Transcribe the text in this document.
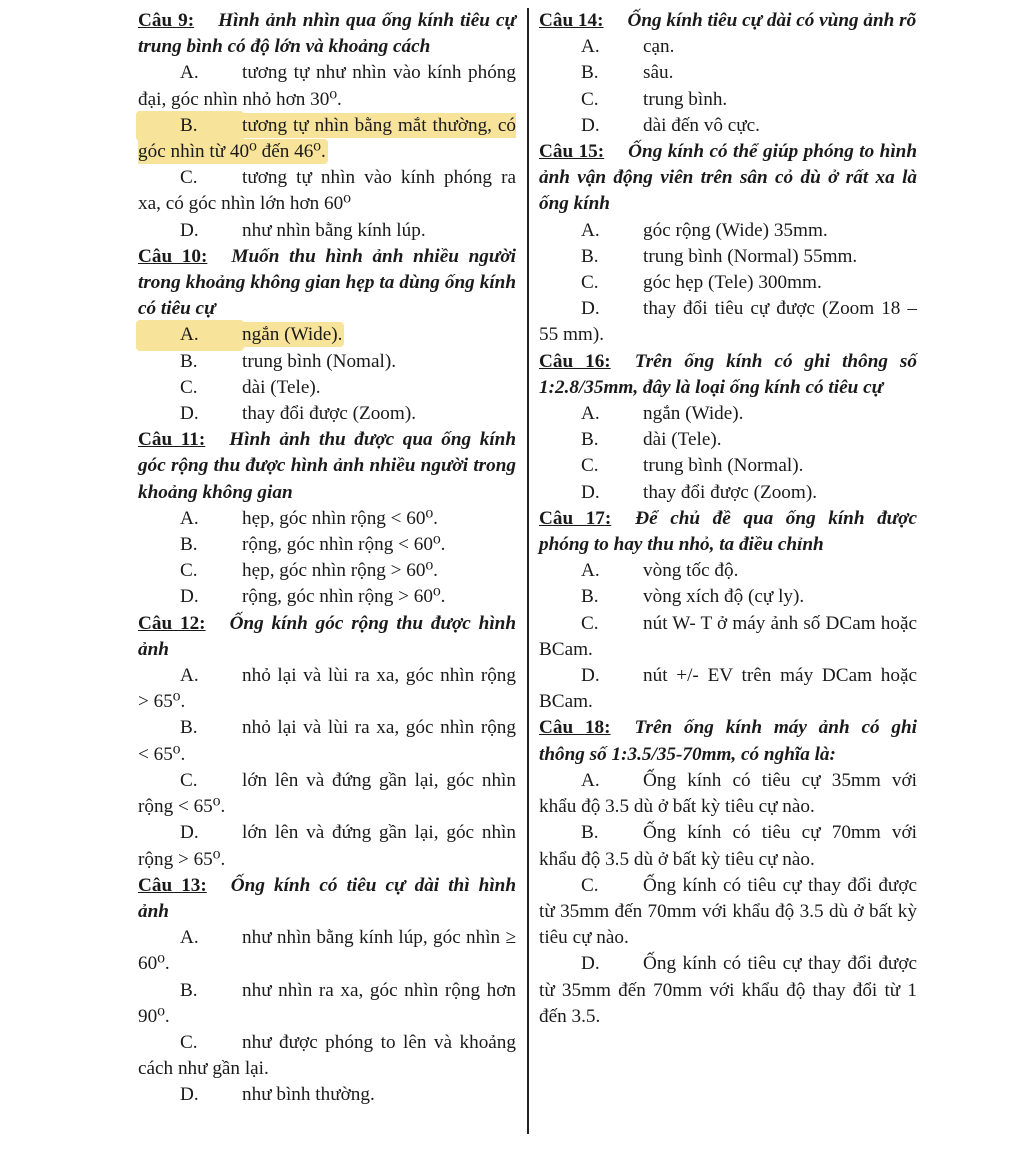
Câu 9: Hình ảnh nhìn qua ống kính tiêu cự trung bình có độ lớn và khoảng cách
A. tương tự như nhìn vào kính phóng đại, góc nhìn nhỏ hơn 30⁰.
B. tương tự nhìn bằng mắt thường, có góc nhìn từ 40⁰ đến 46⁰.
C. tương tự nhìn vào kính phóng ra xa, có góc nhìn lớn hơn 60⁰
D. như nhìn bằng kính lúp.
Câu 10: Muốn thu hình ảnh nhiều người trong khoảng không gian hẹp ta dùng ống kính có tiêu cự
A. ngắn (Wide).
B. trung bình (Nomal).
C. dài (Tele).
D. thay đổi được (Zoom).
Câu 11: Hình ảnh thu được qua ống kính góc rộng thu được hình ảnh nhiều người trong khoảng không gian
A. hẹp, góc nhìn rộng < 60⁰.
B. rộng, góc nhìn rộng < 60⁰.
C. hẹp, góc nhìn rộng > 60⁰.
D. rộng, góc nhìn rộng > 60⁰.
Câu 12: Ống kính góc rộng thu được hình ảnh
A. nhỏ lại và lùi ra xa, góc nhìn rộng > 65⁰.
B. nhỏ lại và lùi ra xa, góc nhìn rộng < 65⁰.
C. lớn lên và đứng gần lại, góc nhìn rộng < 65⁰.
D. lớn lên và đứng gần lại, góc nhìn rộng > 65⁰.
Câu 13: Ống kính có tiêu cự dài thì hình ảnh
A. như nhìn bằng kính lúp, góc nhìn ≥ 60⁰.
B. như nhìn ra xa, góc nhìn rộng hơn 90⁰.
C. như được phóng to lên và khoảng cách như gần lại.
D. như bình thường.
Câu 14: Ống kính tiêu cự dài có vùng ảnh rõ
A. cạn.
B. sâu.
C. trung bình.
D. dài đến vô cực.
Câu 15: Ống kính có thể giúp phóng to hình ảnh vận động viên trên sân cỏ dù ở rất xa là ống kính
A. góc rộng (Wide) 35mm.
B. trung bình (Normal) 55mm.
C. góc hẹp (Tele) 300mm.
D. thay đổi tiêu cự được (Zoom 18 – 55 mm).
Câu 16: Trên ống kính có ghi thông số 1:2.8/35mm, đây là loại ống kính có tiêu cự
A. ngắn (Wide).
B. dài (Tele).
C. trung bình (Normal).
D. thay đổi được (Zoom).
Câu 17: Để chủ đề qua ống kính được phóng to hay thu nhỏ, ta điều chỉnh
A. vòng tốc độ.
B. vòng xích độ (cự ly).
C. nút W- T ở máy ảnh số DCam hoặc BCam.
D. nút +/- EV trên máy DCam hoặc BCam.
Câu 18: Trên ống kính máy ảnh có ghi thông số 1:3.5/35-70mm, có nghĩa là:
A. Ống kính có tiêu cự 35mm với khẩu độ 3.5 dù ở bất kỳ tiêu cự nào.
B. Ống kính có tiêu cự 70mm với khẩu độ 3.5 dù ở bất kỳ tiêu cự nào.
C. Ống kính có tiêu cự thay đổi được từ 35mm đến 70mm với khẩu độ 3.5 dù ở bất kỳ tiêu cự nào.
D. Ống kính có tiêu cự thay đổi được từ 35mm đến 70mm với khẩu độ thay đổi từ 1 đến 3.5.
